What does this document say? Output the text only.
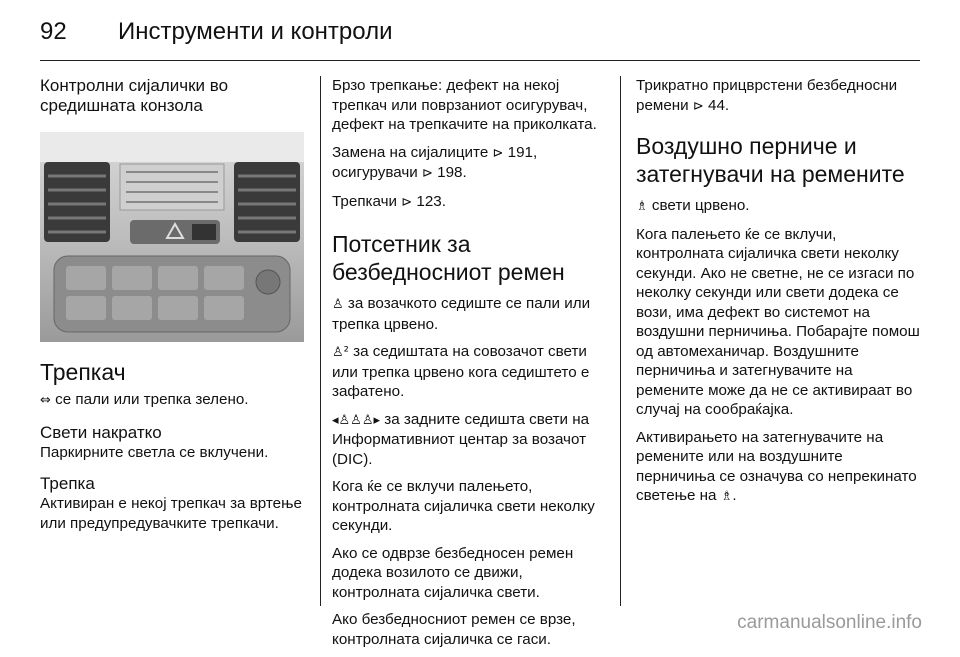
92 Инструменти и контроли
Контролни сијалички во средишната конзола
Трепкач

⇔ се пали или трепка зелено.

Свети накратко

Паркирните светла се вклучени.

Трепка

Активиран е некој трепкач за вртење или предупредувачките трепкачи.

Брзо трепкање: дефект на некој трепкач или поврзаниот осигурувач, дефект на трепкачите на приколката.

Замена на сијалиците ⊳ 191,
осигурувачи ⊳ 198.

Трепкачи ⊳ 123.

Потсетник за безбедносниот ремен

♙ за возачкото седиште се пали или трепка црвено.

♙² за седиштата на совозачот свети или трепка црвено кога седиштето е зафатено.

◂♙♙♙▸ за задните седишта свети на Информативниот центар за возачот (DIC).

Кога ќе се вклучи палењето, контролната сијаличка свети неколку секунди.

Ако се одврзе безбедносен ремен додека возилото се движи, контролната сијаличка свети.

Ако безбедносниот ремен се врзе, контролната сијаличка се гаси.

Трикратно прицврстени безбедносни ремени ⊳ 44.

Воздушно перниче и затегнувачи на ремените

♗ свети црвено.

Кога палењето ќе се вклучи, контролната сијаличка свети неколку секунди. Ако не светне, не се изгаси по неколку секунди или свети додека се вози, има дефект во системот на воздушни перничиња. Побарајте помош од автомеханичар. Воздушните перничиња и затегнувачите на ремените може да не се активираат во случај на сообраќајка.

Активирањето на затегнувачите на ремените или на воздушните перничиња се означува со непрекинато светење на ♗.

carmanualsonline.info
